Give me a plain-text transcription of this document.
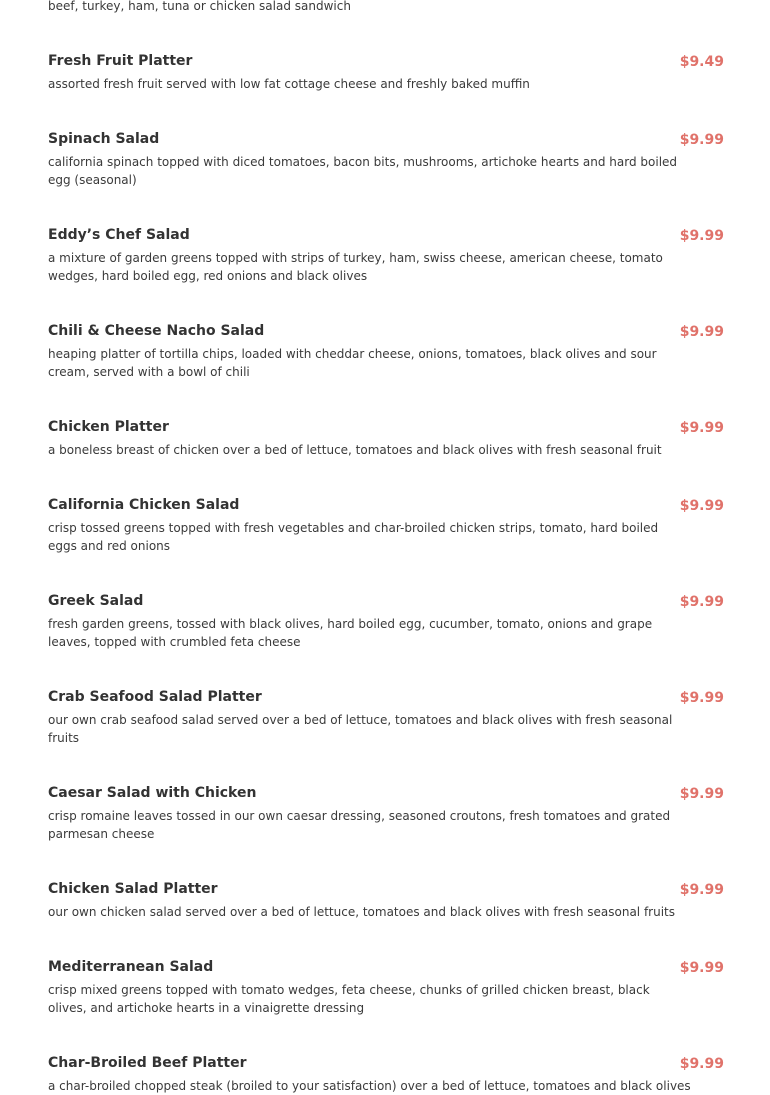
beef, turkey, ham, tuna or chicken salad sandwich
Fresh Fruit Platter	$9.49
assorted fresh fruit served with low fat cottage cheese and freshly baked muffin
Spinach Salad	$9.99
california spinach topped with diced tomatoes, bacon bits, mushrooms, artichoke hearts and hard boiled egg (seasonal)
Eddy’s Chef Salad	$9.99
a mixture of garden greens topped with strips of turkey, ham, swiss cheese, american cheese, tomato wedges, hard boiled egg, red onions and black olives
Chili & Cheese Nacho Salad	$9.99
heaping platter of tortilla chips, loaded with cheddar cheese, onions, tomatoes, black olives and sour cream, served with a bowl of chili
Chicken Platter	$9.99
a boneless breast of chicken over a bed of lettuce, tomatoes and black olives with fresh seasonal fruit
California Chicken Salad	$9.99
crisp tossed greens topped with fresh vegetables and char-broiled chicken strips, tomato, hard boiled eggs and red onions
Greek Salad	$9.99
fresh garden greens, tossed with black olives, hard boiled egg, cucumber, tomato, onions and grape leaves, topped with crumbled feta cheese
Crab Seafood Salad Platter	$9.99
our own crab seafood salad served over a bed of lettuce, tomatoes and black olives with fresh seasonal fruits
Caesar Salad with Chicken	$9.99
crisp romaine leaves tossed in our own caesar dressing, seasoned croutons, fresh tomatoes and grated parmesan cheese
Chicken Salad Platter	$9.99
our own chicken salad served over a bed of lettuce, tomatoes and black olives with fresh seasonal fruits
Mediterranean Salad	$9.99
crisp mixed greens topped with tomato wedges, feta cheese, chunks of grilled chicken breast, black olives, and artichoke hearts in a vinaigrette dressing
Char-Broiled Beef Platter	$9.99
a char-broiled chopped steak (broiled to your satisfaction) over a bed of lettuce, tomatoes and black olives
